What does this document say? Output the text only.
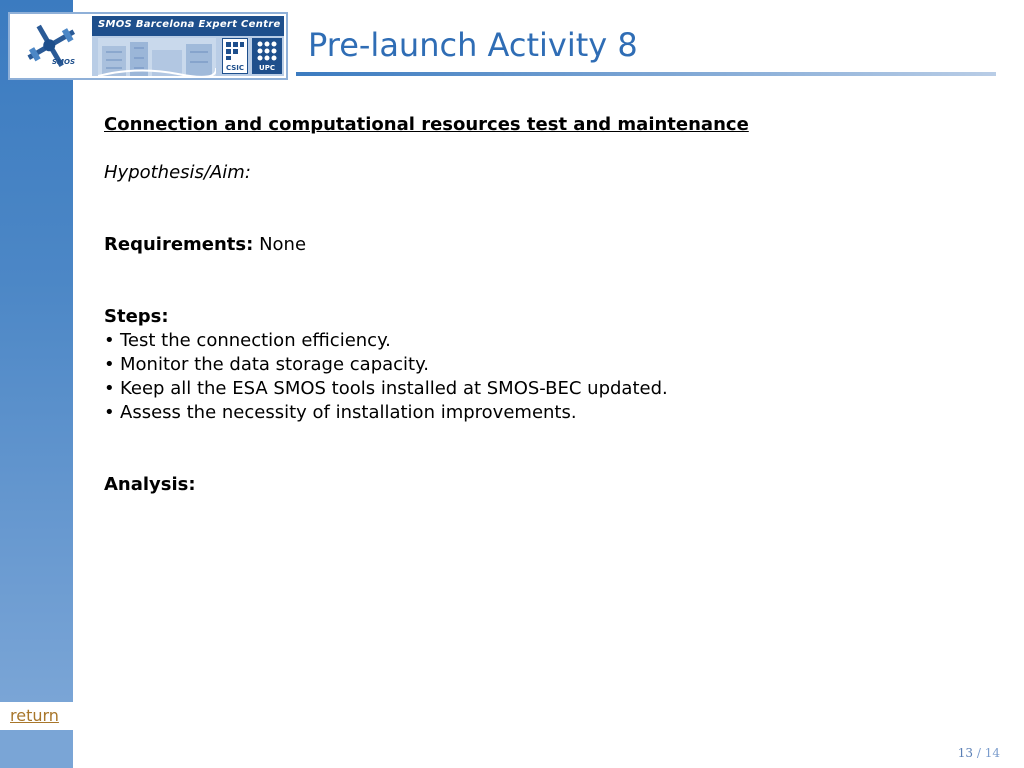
SMOS
SMOS Barcelona Expert Centre
CSIC	UPC
Pre-launch Activity 8

Connection and computational resources test and maintenance

Hypothesis/Aim:
Requirements: None
Steps:
• Test the connection efficiency.
• Monitor the data storage capacity.
• Keep all the ESA SMOS tools installed at SMOS-BEC updated.
• Assess the necessity of installation improvements.
Analysis:
return
13 / 14
